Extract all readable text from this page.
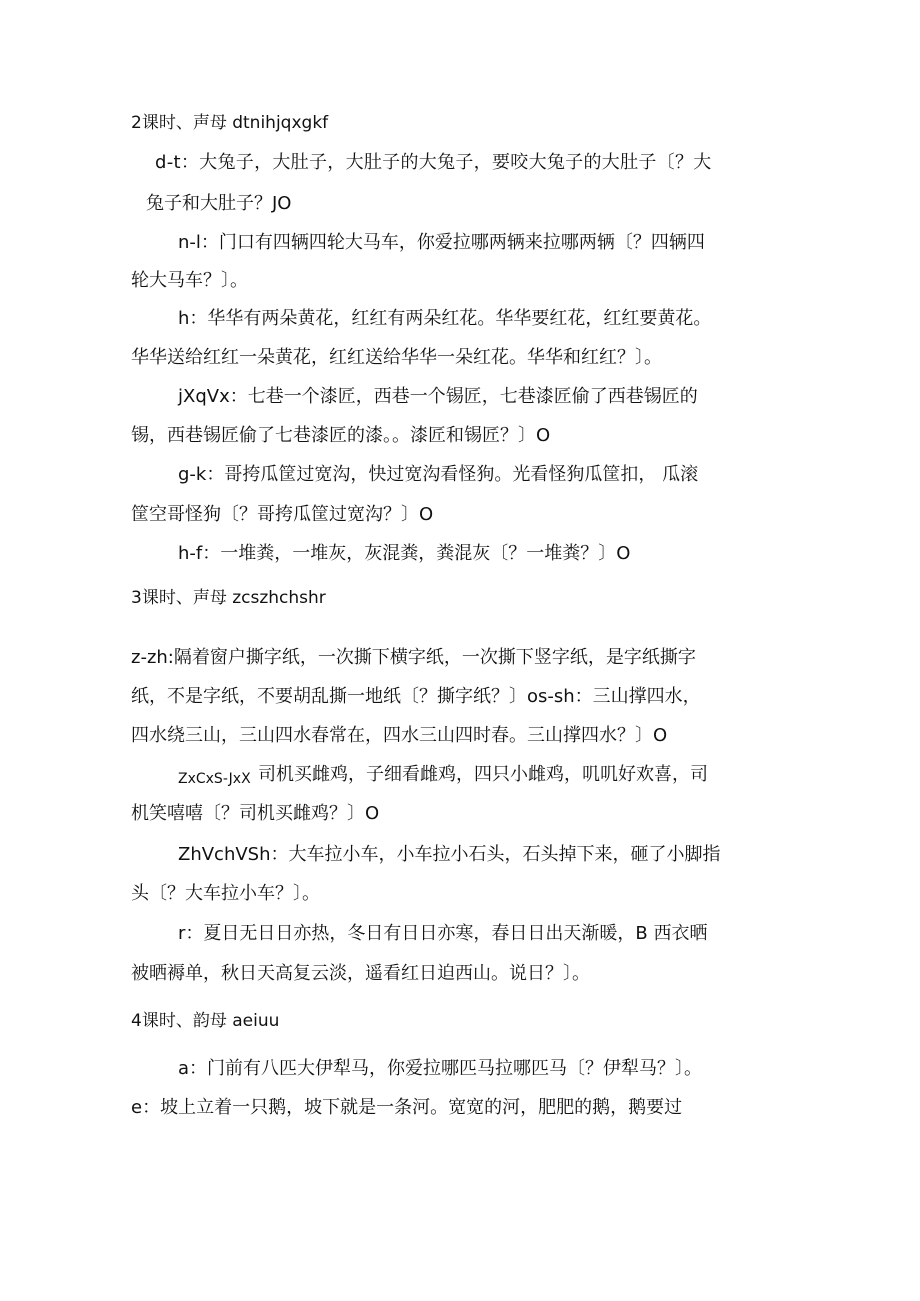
2课时、声母 dtnihjqxgkf
d-t：大兔子，大肚子，大肚子的大兔子，要咬大兔子的大肚子〔？大
兔子和大肚子？JO
n-l：门口有四辆四轮大马车，你爱拉哪两辆来拉哪两辆〔？四辆四
轮大马车？〕。
h：华华有两朵黄花，红红有两朵红花。华华要红花，红红要黄花。
华华送给红红一朵黄花，红红送给华华一朵红花。华华和红红？〕。
jXqVx：七巷一个漆匠，西巷一个锡匠，七巷漆匠偷了西巷锡匠的
锡，西巷锡匠偷了七巷漆匠的漆。。漆匠和锡匠？〕O
g-k：哥挎瓜筐过宽沟，快过宽沟看怪狗。光看怪狗瓜筐扣， 瓜滚
筐空哥怪狗〔？哥挎瓜筐过宽沟？〕O
h-f：一堆粪，一堆灰，灰混粪，粪混灰〔？一堆粪？〕O
3课时、声母 zcszhchshr
z-zh:隔着窗户撕字纸，一次撕下横字纸，一次撕下竖字纸，是字纸撕字
纸，不是字纸，不要胡乱撕一地纸〔？撕字纸？〕os-sh：三山撑四水，
四水绕三山，三山四水春常在，四水三山四时春。三山撑四水？〕O
ZxCxS-JxX 司机买雌鸡，子细看雌鸡，四只小雌鸡，叽叽好欢喜，司
机笑嘻嘻〔？司机买雌鸡？〕O
ZhVchVSh：大车拉小车，小车拉小石头，石头掉下来，砸了小脚指
头〔？大车拉小车？〕。
r：夏日无日日亦热，冬日有日日亦寒，春日日出天渐暖，B 西衣晒
被晒褥单，秋日天高复云淡，遥看红日迫西山。说日？〕。
4课时、韵母 aeiuu
a：门前有八匹大伊犁马，你爱拉哪匹马拉哪匹马〔？伊犁马？〕。
e：坡上立着一只鹅，坡下就是一条河。宽宽的河，肥肥的鹅，鹅要过
